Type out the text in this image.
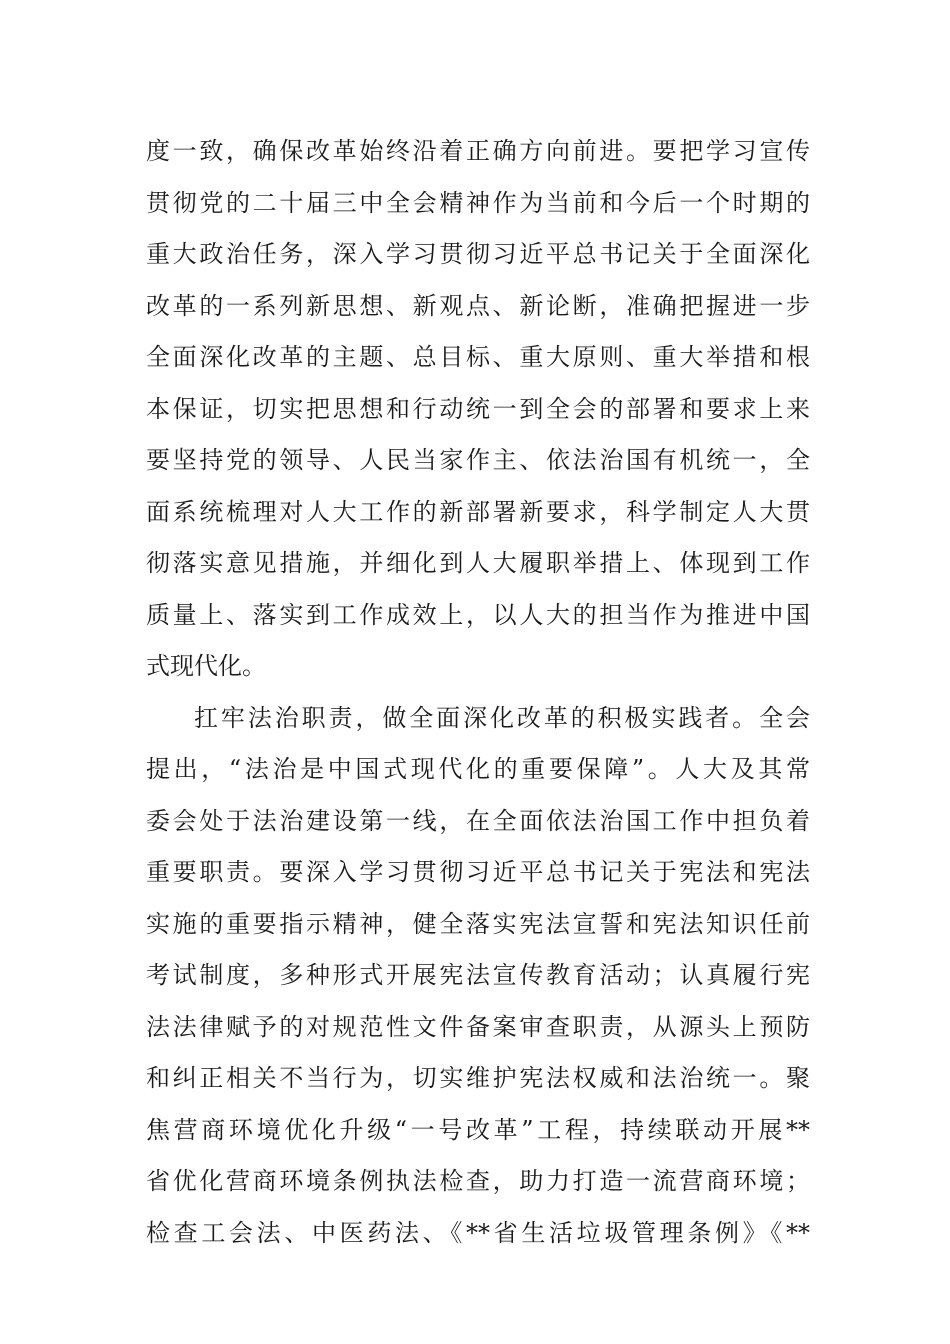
度一致，确保改革始终沿着正确方向前进。要把学习宣传
贯彻党的二十届三中全会精神作为当前和今后一个时期的
重大政治任务，深入学习贯彻习近平总书记关于全面深化
改革的一系列新思想、新观点、新论断，准确把握进一步
全面深化改革的主题、总目标、重大原则、重大举措和根
本保证，切实把思想和行动统一到全会的部署和要求上来
要坚持党的领导、人民当家作主、依法治国有机统一，全
面系统梳理对人大工作的新部署新要求，科学制定人大贯
彻落实意见措施，并细化到人大履职举措上、体现到工作
质量上、落实到工作成效上，以人大的担当作为推进中国
式现代化。
扛牢法治职责，做全面深化改革的积极实践者。全会
提出，“法治是中国式现代化的重要保障”。人大及其常
委会处于法治建设第一线，在全面依法治国工作中担负着
重要职责。要深入学习贯彻习近平总书记关于宪法和宪法
实施的重要指示精神，健全落实宪法宣誓和宪法知识任前
考试制度，多种形式开展宪法宣传教育活动；认真履行宪
法法律赋予的对规范性文件备案审查职责，从源头上预防
和纠正相关不当行为，切实维护宪法权威和法治统一。聚
焦营商环境优化升级“一号改革”工程，持续联动开展**
省优化营商环境条例执法检查，助力打造一流营商环境；
检查工会法、中医药法、《**省生活垃圾管理条例》《**
